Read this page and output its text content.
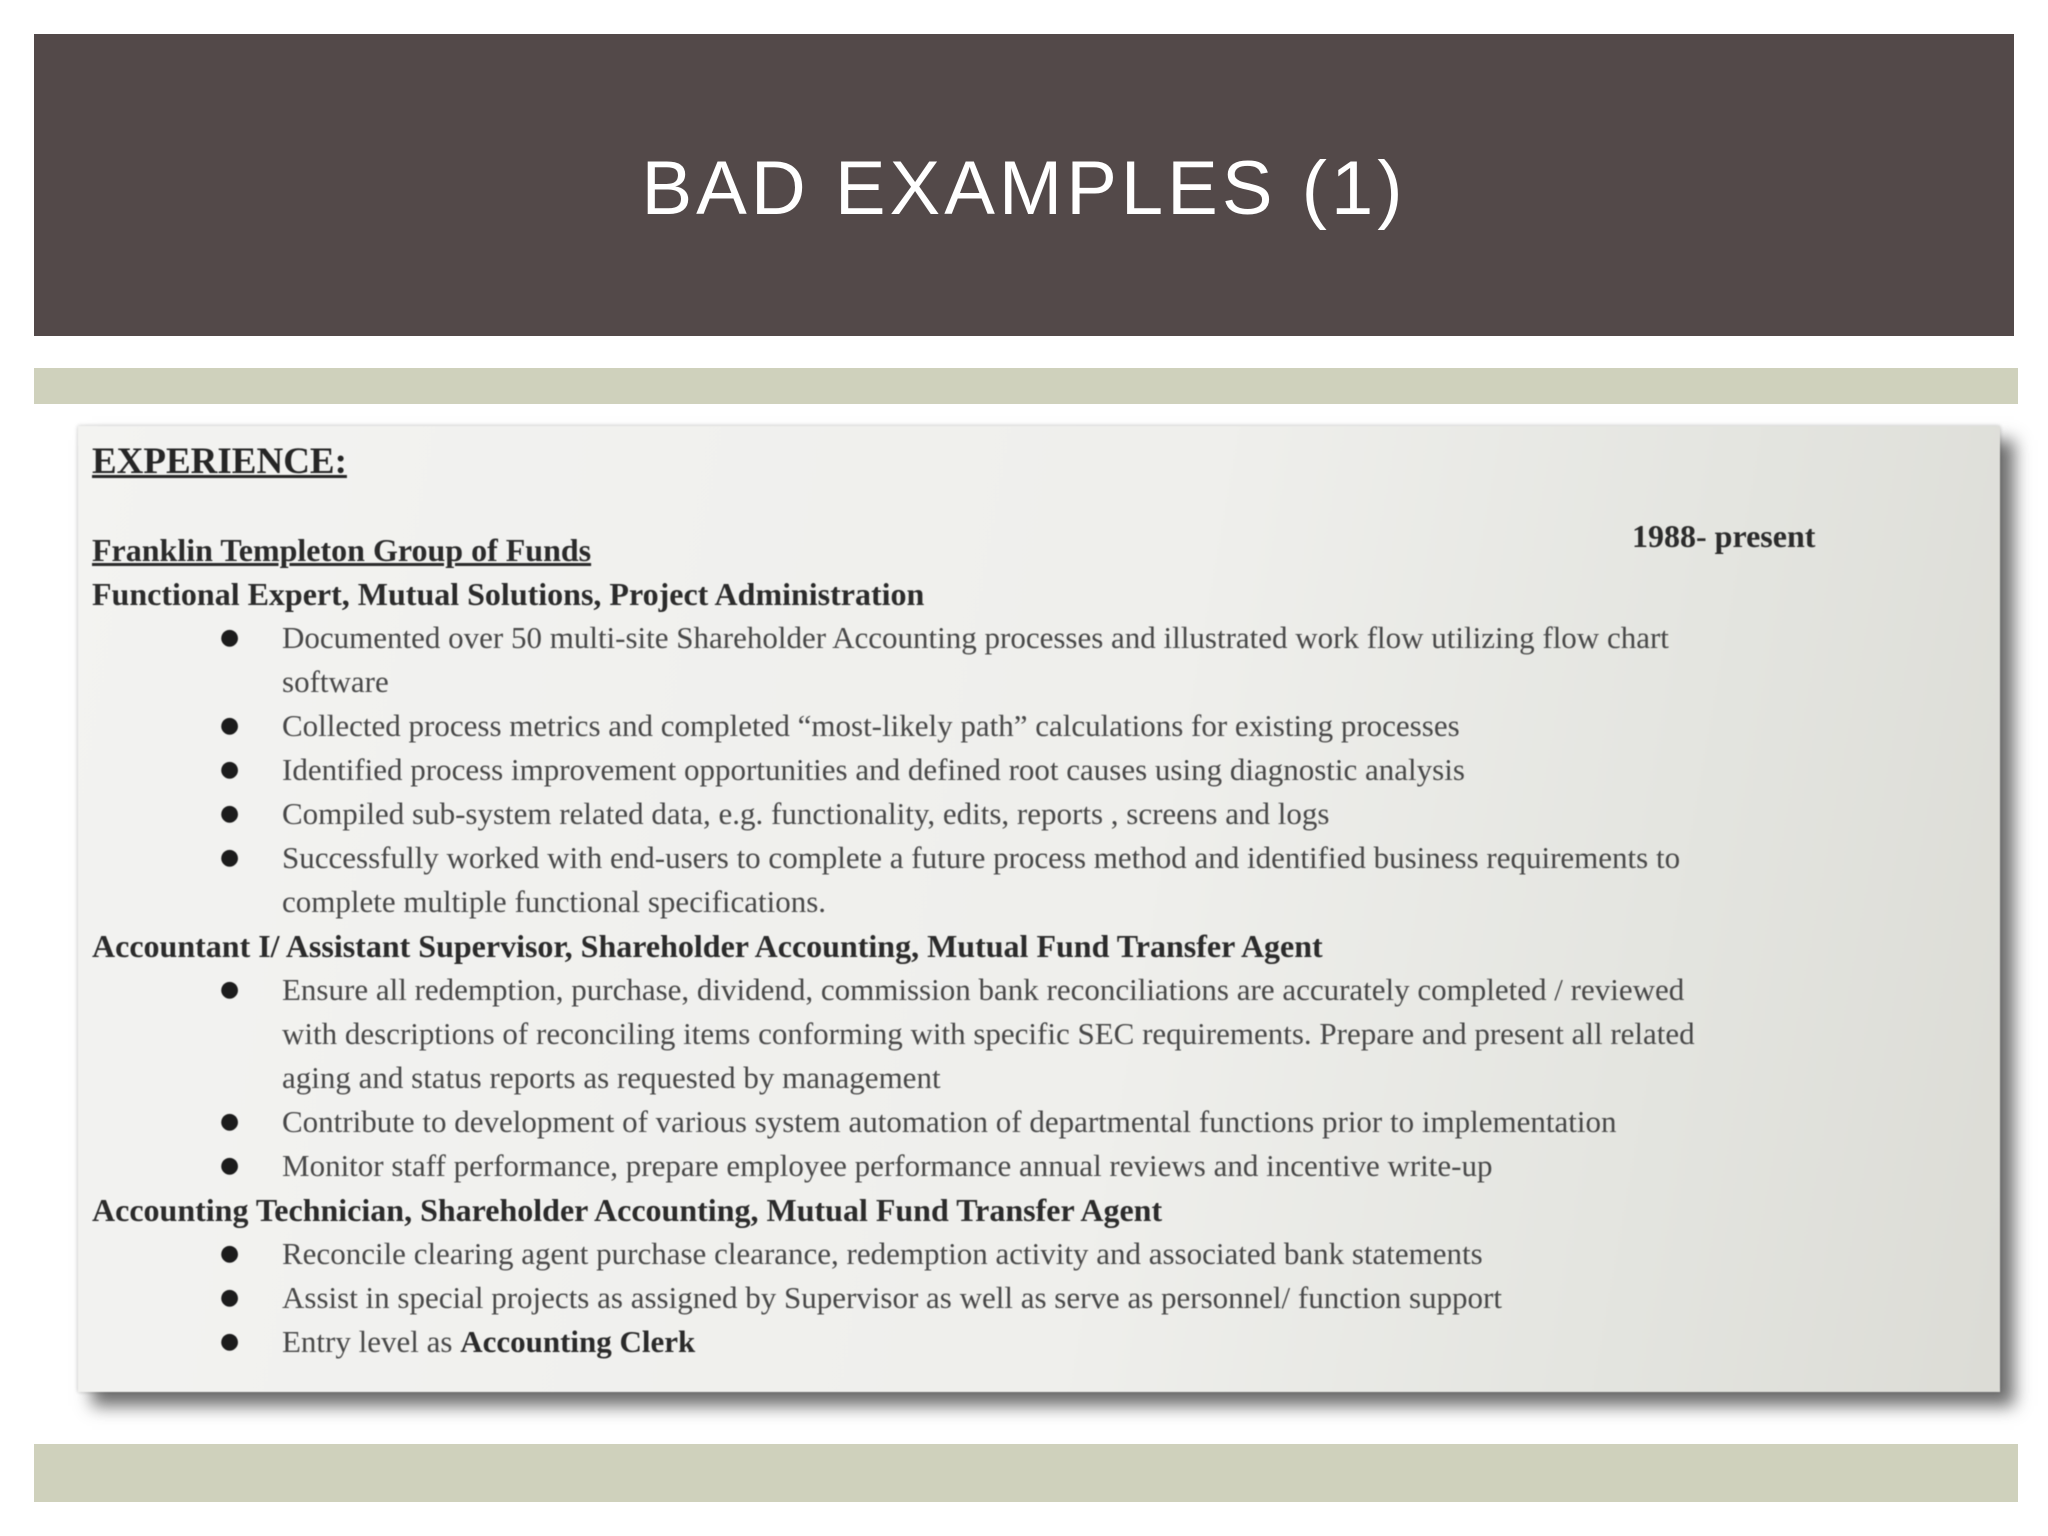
BAD EXAMPLES (1)
EXPERIENCE:
Franklin Templeton Group of Funds	1988- present
Functional Expert, Mutual Solutions, Project Administration
● Documented over 50 multi-site Shareholder Accounting processes and illustrated work flow utilizing flow chart
software
● Collected process metrics and completed “most-likely path” calculations for existing processes
● Identified process improvement opportunities and defined root causes using diagnostic analysis
● Compiled sub-system related data, e.g. functionality, edits, reports , screens and logs
● Successfully worked with end-users to complete a future process method and identified business requirements to
complete multiple functional specifications.
Accountant I/ Assistant Supervisor, Shareholder Accounting, Mutual Fund Transfer Agent
● Ensure all redemption, purchase, dividend, commission bank reconciliations are accurately completed / reviewed
with descriptions of reconciling items conforming with specific SEC requirements. Prepare and present all related
aging and status reports as requested by management
● Contribute to development of various system automation of departmental functions prior to implementation
● Monitor staff performance, prepare employee performance annual reviews and incentive write-up
Accounting Technician, Shareholder Accounting, Mutual Fund Transfer Agent
● Reconcile clearing agent purchase clearance, redemption activity and associated bank statements
● Assist in special projects as assigned by Supervisor as well as serve as personnel/ function support
● Entry level as Accounting Clerk
